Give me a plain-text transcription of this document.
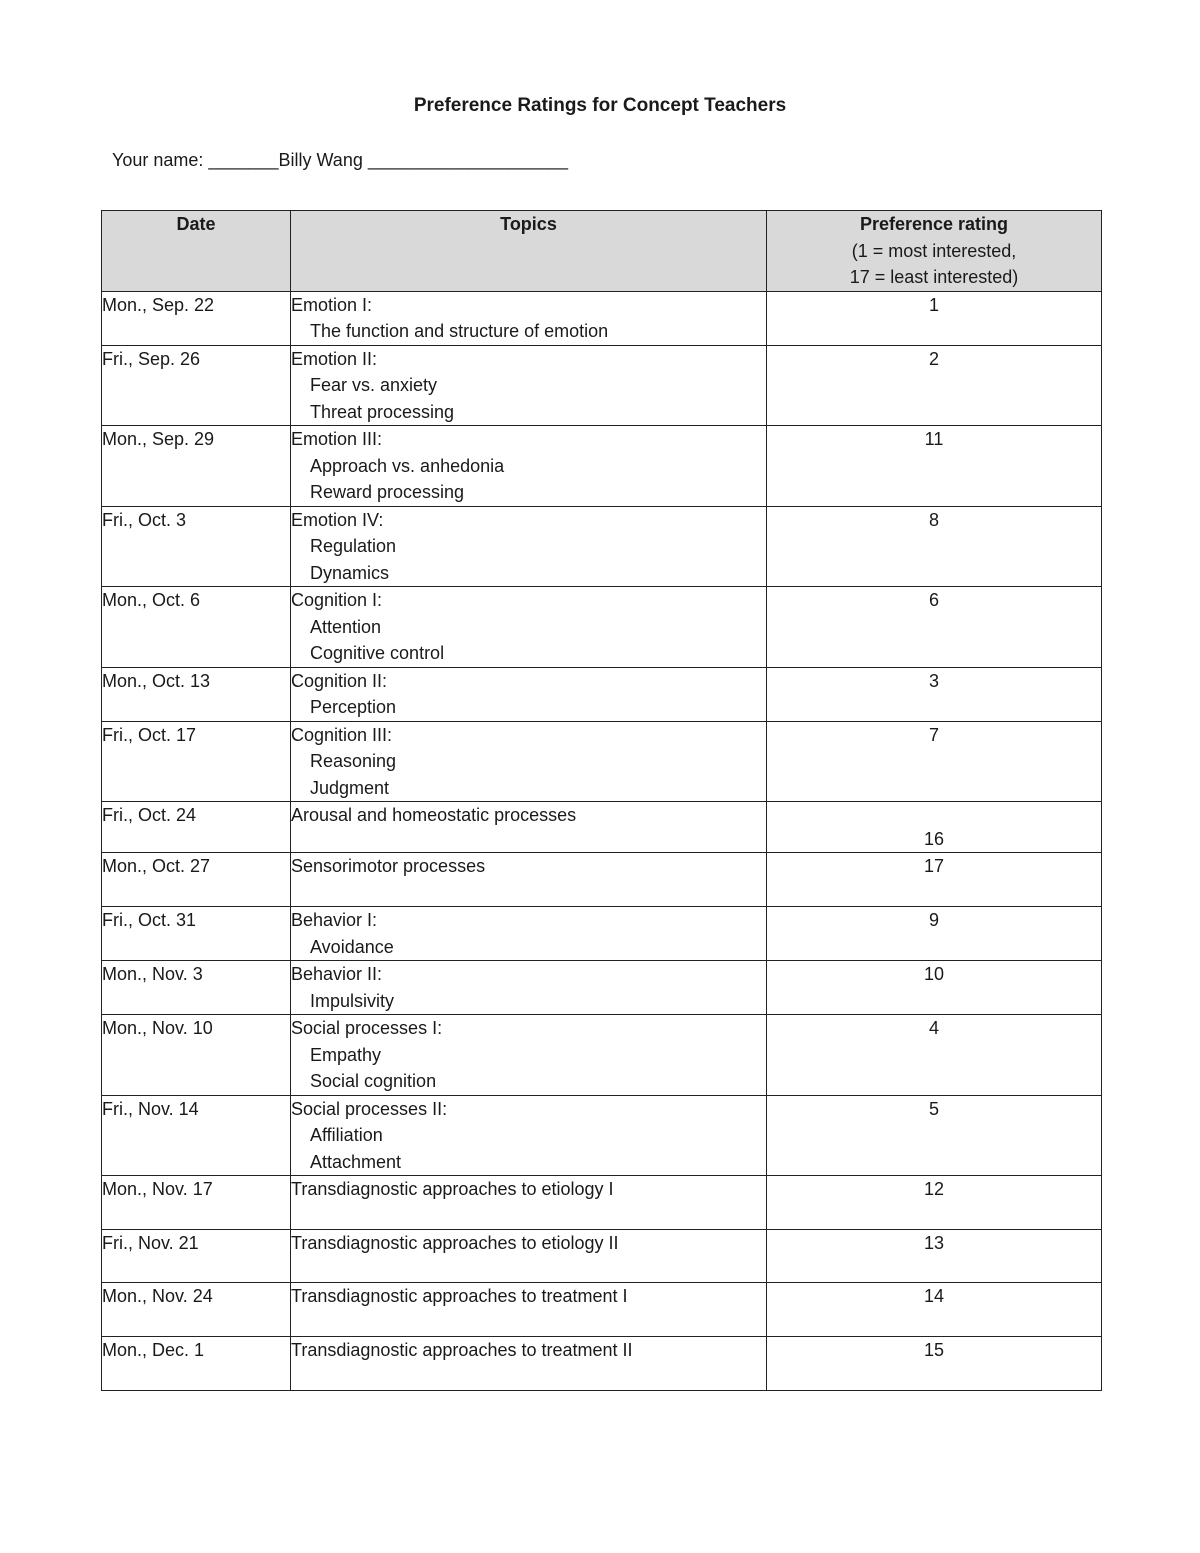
Preference Ratings for Concept Teachers
Your name: _______Billy Wang ____________________
Date	Topics	Preference rating
(1 = most interested,
17 = least interested)

Mon., Sep. 22	Emotion I:
The function and structure of emotion	1
Fri., Sep. 26	Emotion II:
Fear vs. anxiety
Threat processing	2
Mon., Sep. 29	Emotion III:
Approach vs. anhedonia
Reward processing	11
Fri., Oct. 3	Emotion IV:
Regulation
Dynamics	8
Mon., Oct. 6	Cognition I:
Attention
Cognitive control	6
Mon., Oct. 13	Cognition II:
Perception	3
Fri., Oct. 17	Cognition III:
Reasoning
Judgment	7
Fri., Oct. 24	Arousal and homeostatic processes	16
Mon., Oct. 27	Sensorimotor processes	17
Fri., Oct. 31	Behavior I:
Avoidance	9
Mon., Nov. 3	Behavior II:
Impulsivity	10
Mon., Nov. 10	Social processes I:
Empathy
Social cognition	4
Fri., Nov. 14	Social processes II:
Affiliation
Attachment	5
Mon., Nov. 17	Transdiagnostic approaches to etiology I	12
Fri., Nov. 21	Transdiagnostic approaches to etiology II	13
Mon., Nov. 24	Transdiagnostic approaches to treatment I	14
Mon., Dec. 1	Transdiagnostic approaches to treatment II	15
